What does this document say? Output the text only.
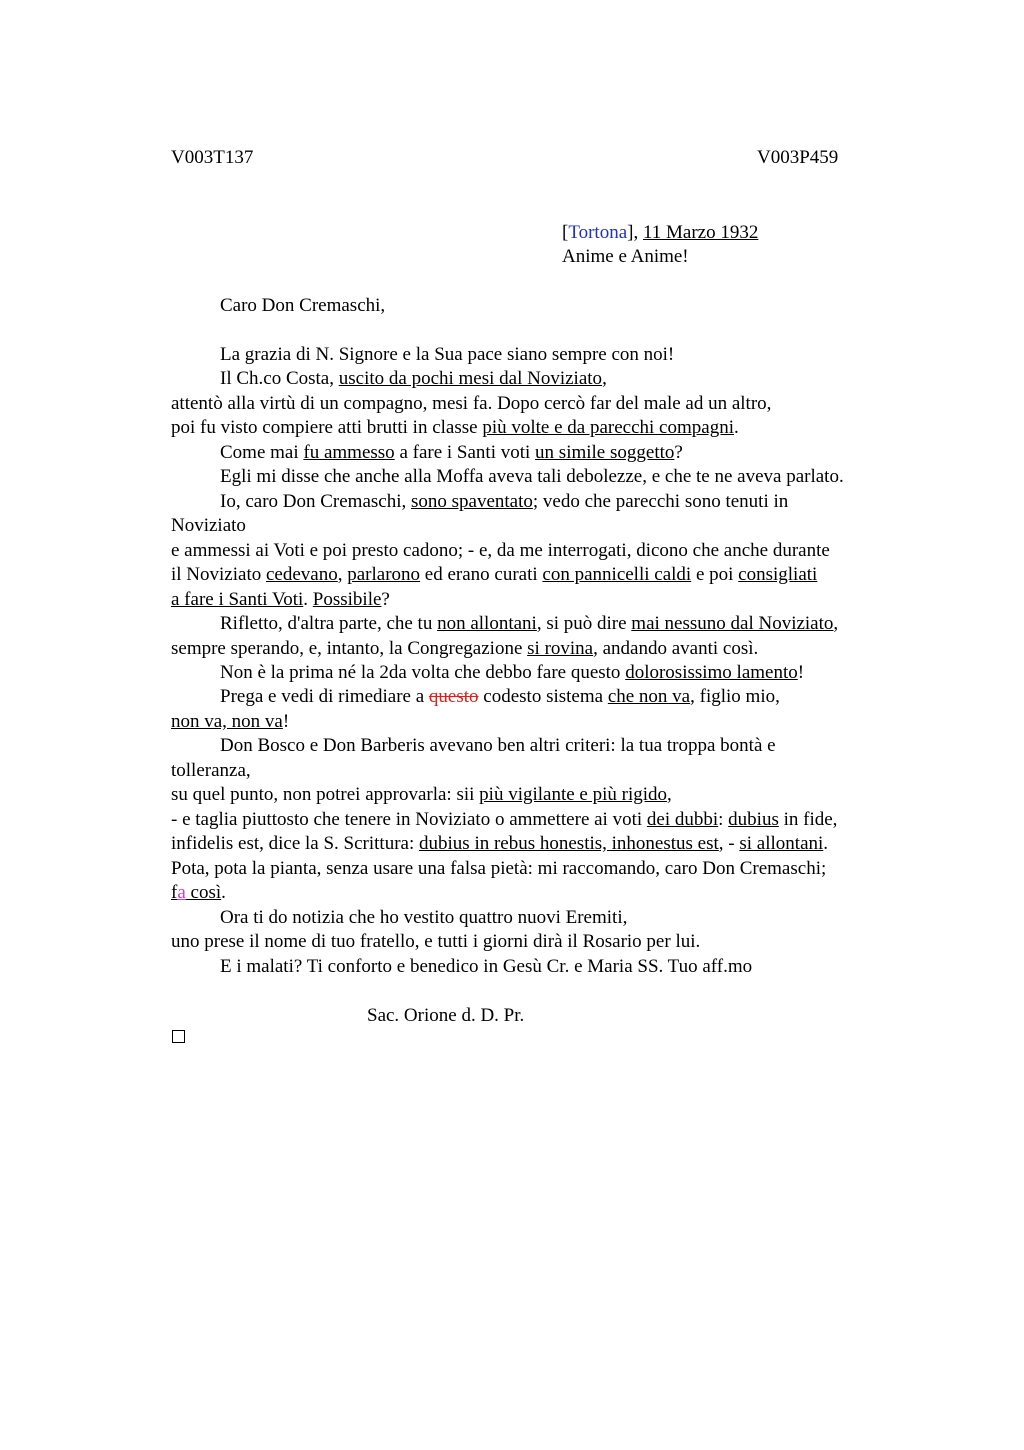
V003T137	V003P459
[Tortona], 11 Marzo 1932
Anime e Anime!
Caro Don Cremaschi,
La grazia di N. Signore e la Sua pace siano sempre con noi!
Il Ch.co Costa, uscito da pochi mesi dal Noviziato,
attentò alla virtù di un compagno, mesi fa. Dopo cercò far del male ad un altro,
poi fu visto compiere atti brutti in classe più volte e da parecchi compagni.
Come mai fu ammesso a fare i Santi voti un simile soggetto?
Egli mi disse che anche alla Moffa aveva tali debolezze, e che te ne aveva parlato.
Io, caro Don Cremaschi, sono spaventato; vedo che parecchi sono tenuti in
Noviziato
e ammessi ai Voti e poi presto cadono; - e, da me interrogati, dicono che anche durante
il Noviziato cedevano, parlarono ed erano curati con pannicelli caldi e poi consigliati
a fare i Santi Voti. Possibile?
Rifletto, d'altra parte, che tu non allontani, si può dire mai nessuno dal Noviziato,
sempre sperando, e, intanto, la Congregazione si rovina, andando avanti così.
Non è la prima né la 2da volta che debbo fare questo dolorosissimo lamento!
Prega e vedi di rimediare a questo codesto sistema che non va, figlio mio,
non va, non va!
Don Bosco e Don Barberis avevano ben altri criteri: la tua troppa bontà e
tolleranza,
su quel punto, non potrei approvarla: sii più vigilante e più rigido,
- e taglia piuttosto che tenere in Noviziato o ammettere ai voti dei dubbi: dubius in fide,
infidelis est, dice la S. Scrittura: dubius in rebus honestis, inhonestus est, - si allontani.
Pota, pota la pianta, senza usare una falsa pietà: mi raccomando, caro Don Cremaschi;
fa così.
Ora ti do notizia che ho vestito quattro nuovi Eremiti,
uno prese il nome di tuo fratello, e tutti i giorni dirà il Rosario per lui.
E i malati? Ti conforto e benedico in Gesù Cr. e Maria SS. Tuo aff.mo
Sac. Orione d. D. Pr.
